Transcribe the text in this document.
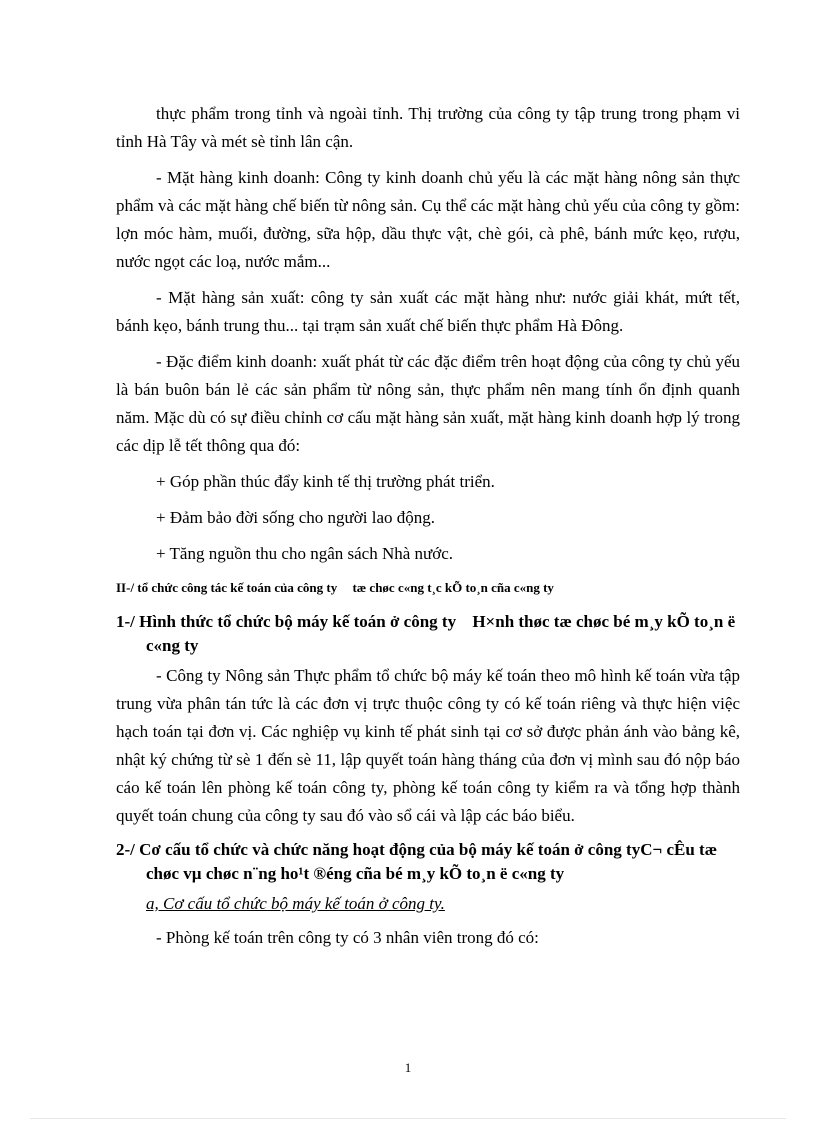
thực phẩm trong tỉnh và ngoài tỉnh. Thị trường của công ty tập trung trong phạm vi tỉnh Hà Tây và mét sè tỉnh lân cận.

- Mặt hàng kinh doanh: Công ty kinh doanh chủ yếu là các mặt hàng nông sản thực phẩm và các mặt hàng chế biến từ nông sản. Cụ thể các mặt hàng chủ yếu của công ty gồm: lợn móc hàm, muối, đường, sữa hộp, dầu thực vật, chè gói, cà phê, bánh mức kẹo, rượu, nước ngọt các loạ, nước mắm...

- Mặt hàng sản xuất: công ty sản xuất các mặt hàng như: nước giải khát, mứt tết, bánh kẹo, bánh trung thu... tại trạm sản xuất chế biến thực phẩm Hà Đông.

- Đặc điểm kinh doanh: xuất phát từ các đặc điểm trên hoạt động của công ty chủ yếu là bán buôn bán lẻ các sản phẩm từ nông sản, thực phẩm nên mang tính ổn định quanh năm. Mặc dù có sự điều chỉnh cơ cấu mặt hàng sản xuất, mặt hàng kinh doanh hợp lý trong các dịp lễ tết thông qua đó:

+ Góp phần thúc đẩy kinh tế thị trường phát triển.

+ Đảm bảo đời sống cho người lao động.

+ Tăng nguồn thu cho ngân sách Nhà nước.

II-/ tổ chức công tác kế toán của công ty tæ chøc c«ng t¸c kÕ to¸n cña c«ng ty

1-/ Hình thức tổ chức bộ máy kế toán ở công ty H×nh thøc tæ chøc bé m¸y kÕ to¸n ë c«ng ty

- Công ty Nông sản Thực phẩm tổ chức bộ máy kế toán theo mô hình kế toán vừa tập trung vừa phân tán tức là các đơn vị trực thuộc công ty có kế toán riêng và thực hiện việc hạch toán tại đơn vị. Các nghiệp vụ kinh tế phát sinh tại cơ sở được phản ánh vào bảng kê, nhật ký chứng từ sè 1 đến sè 11, lập quyết toán hàng tháng của đơn vị mình sau đó nộp báo cáo kế toán lên phòng kế toán công ty, phòng kế toán công ty kiểm ra và tổng hợp thành quyết toán chung của công ty sau đó vào sổ cái và lập các báo biểu.

2-/ Cơ cấu tổ chức và chức năng hoạt động của bộ máy kế toán ở công tyC¬ cÊu tæ chøc vµ chøc n¨ng ho¹t ®éng cña bé m¸y kÕ to¸n ë c«ng ty

a, Cơ cấu tổ chức bộ máy kế toán ở công ty.

- Phòng kế toán trên công ty có 3 nhân viên trong đó có:

1
